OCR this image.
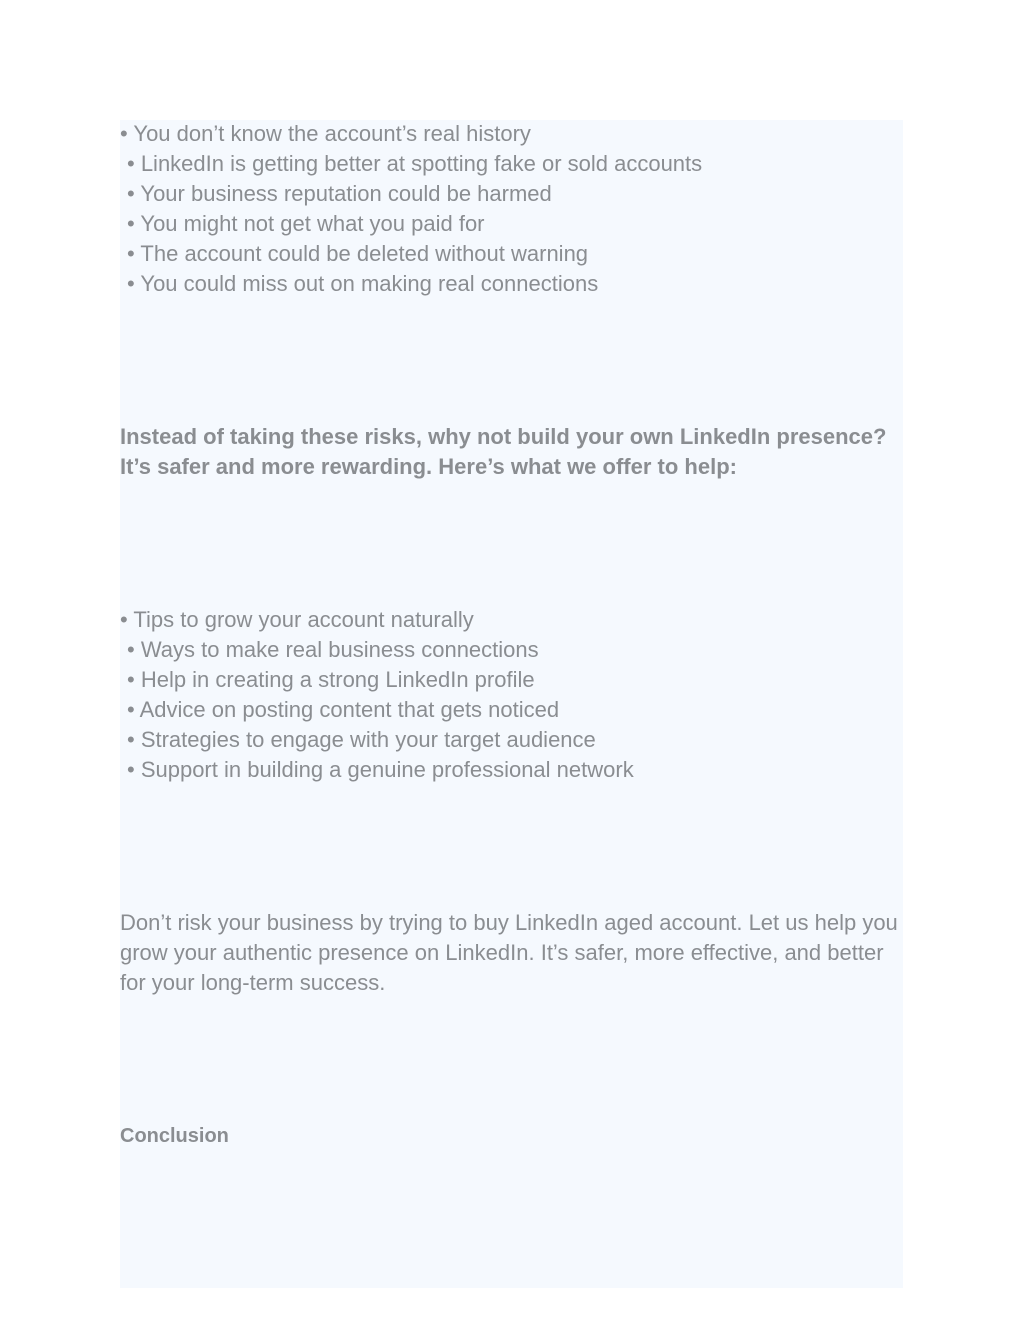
• You don’t know the account’s real history
• LinkedIn is getting better at spotting fake or sold accounts
• Your business reputation could be harmed
• You might not get what you paid for
• The account could be deleted without warning
• You could miss out on making real connections

Instead of taking these risks, why not build your own LinkedIn presence? It’s safer and more rewarding. Here’s what we offer to help:

• Tips to grow your account naturally
• Ways to make real business connections
• Help in creating a strong LinkedIn profile
• Advice on posting content that gets noticed
• Strategies to engage with your target audience
• Support in building a genuine professional network

Don’t risk your business by trying to buy LinkedIn aged account. Let us help you grow your authentic presence on LinkedIn. It’s safer, more effective, and better for your long-term success.

Conclusion
